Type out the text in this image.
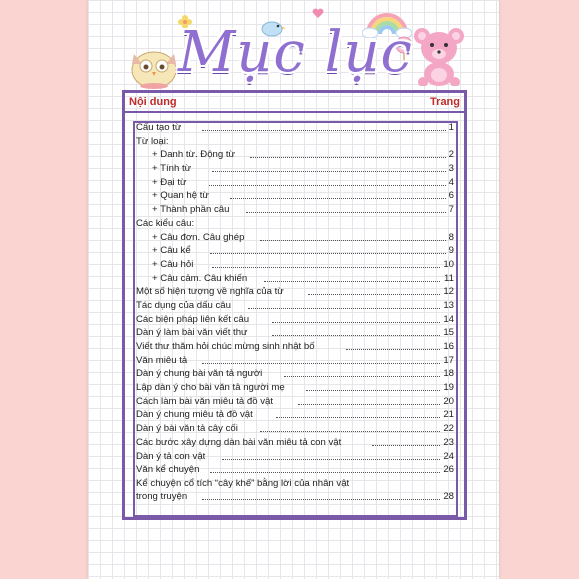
Mục lục
Nội dung	Trang
Cấu tạo từ	1
Từ loại:
+ Danh từ. Động từ	2
+ Tính từ	3
+ Đại từ	4
+ Quan hệ từ	6
+ Thành phần câu	7
Các kiểu câu:
+ Câu đơn. Câu ghép	8
+ Câu kể	9
+ Câu hỏi	10
+ Câu cảm. Câu khiến	11
Một số hiện tượng về nghĩa của từ	12
Tác dụng của dấu câu	13
Các biện pháp liên kết câu	14
Dàn ý làm bài văn viết thư	15
Viết thư thăm hỏi chúc mừng sinh nhật bố	16
Văn miêu tả	17
Dàn ý chung bài văn tả người	18
Lập dàn ý cho bài văn tả người mẹ	19
Cách làm bài văn miêu tả đồ vật	20
Dàn ý chung miêu tả đồ vật	21
Dàn ý bài văn tả cây cối	22
Các bước xây dựng dàn bài văn miêu tả con vật	23
Dàn ý tả con vật	24
Văn kể chuyện	26
Kể chuyện cổ tích “cây khế” bằng lời của nhân vật
trong truyện	28
